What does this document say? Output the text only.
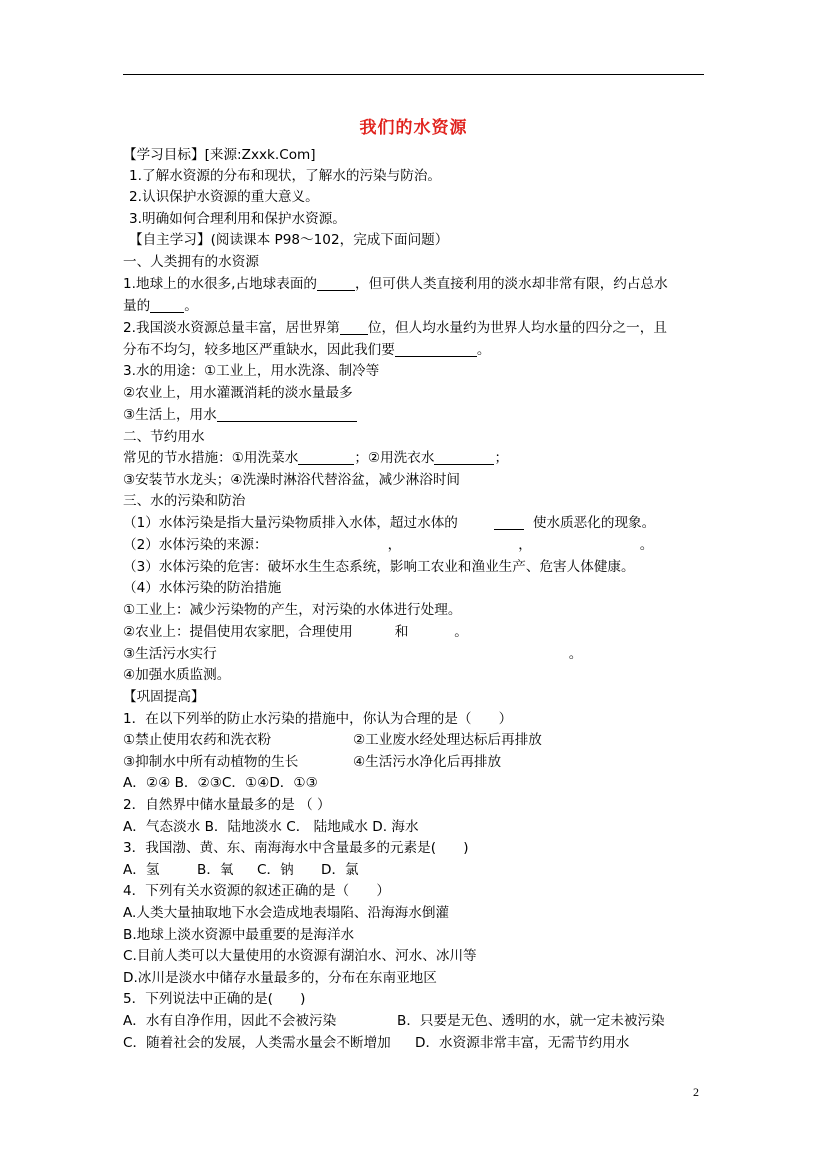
我们的水资源
【学习目标】[来源:Zxxk.Com]
1.了解水资源的分布和现状，了解水的污染与防治。
2.认识保护水资源的重大意义。
3.明确如何合理利用和保护水资源。
【自主学习】(阅读课本 P98～102，完成下面问题）
一、人类拥有的水资源
1.地球上的水很多,占地球表面的	，但可供人类直接利用的淡水却非常有限，约占总水
量的	。
2.我国淡水资源总量丰富，居世界第 位，但人均水量约为世界人均水量的四分之一，且
分布不均匀，较多地区严重缺水，因此我们要	。
3.水的用途：①工业上，用水洗涤、制冷等
②农业上，用水灌溉消耗的淡水量最多
③生活上，用水
二、节约用水
常见的节水措施：①用洗菜水	；②用洗衣水	；
③安装节水龙头；④洗澡时淋浴代替浴盆，减少淋浴时间
三、水的污染和防治
（1）水体污染是指大量污染物质排入水体，超过水体的	使水质恶化的现象。
（2）水体污染的来源：	，	，	。
（3）水体污染的危害：破坏水生生态系统，影响工农业和渔业生产、危害人体健康。
（4）水体污染的防治措施
①工业上：减少污染物的产生，对污染的水体进行处理。
②农业上：提倡使用农家肥，合理使用	和	。
③生活污水实行	。
④加强水质监测。
【巩固提高】
1．在以下列举的防止水污染的措施中，你认为合理的是（　　）
①禁止使用农药和洗衣粉	②工业废水经处理达标后再排放
③抑制水中所有动植物的生长	④生活污水净化后再排放
A．②④ B．②③C．①④D．①③
2．自然界中储水量最多的是 （ ）
A．气态淡水 B．陆地淡水 C． 陆地咸水 D. 海水
3．我国渤、黄、东、南海海水中含量最多的元素是(　　)
A．氢	B．氧 C．钠 D．氯
4．下列有关水资源的叙述正确的是（　　）
A.人类大量抽取地下水会造成地表塌陷、沿海海水倒灌
B.地球上淡水资源中最重要的是海洋水
C.目前人类可以大量使用的水资源有湖泊水、河水、冰川等
D.冰川是淡水中储存水量最多的，分布在东南亚地区
5．下列说法中正确的是(　　)
A．水有自净作用，因此不会被污染	B．只要是无色、透明的水，就一定未被污染
C．随着社会的发展，人类需水量会不断增加 D．水资源非常丰富，无需节约用水
2
